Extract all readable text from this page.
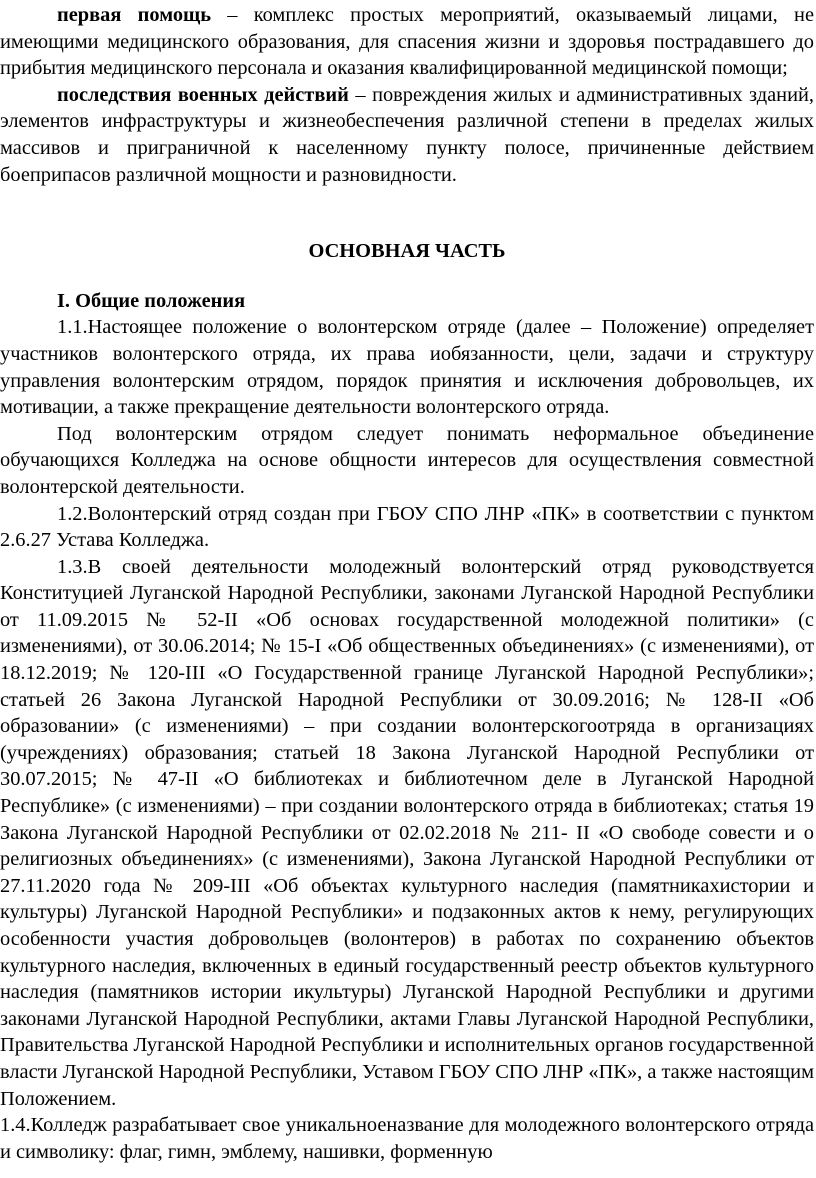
первая помощь – комплекс простых мероприятий, оказываемый лицами, не имеющими медицинского образования, для спасения жизни и здоровья пострадавшего до прибытия медицинского персонала и оказания квалифицированной медицинской помощи;

последствия военных действий – повреждения жилых и административных зданий, элементов инфраструктуры и жизнеобеспечения различной степени в пределах жилых массивов и приграничной к населенному пункту полосе, причиненные действием боеприпасов различной мощности и разновидности.

ОСНОВНАЯ ЧАСТЬ

I. Общие положения

1.1.Настоящее положение о волонтерском отряде (далее – Положение) определяет участников волонтерского отряда, их права иобязанности, цели, задачи и структуру управления волонтерским отрядом, порядок принятия и исключения добровольцев, их мотивации, а также прекращение деятельности волонтерского отряда.

Под волонтерским отрядом следует понимать неформальное объединение обучающихся Колледжа на основе общности интересов для осуществления совместной волонтерской деятельности.

1.2.Волонтерский отряд создан при ГБОУ СПО ЛНР «ПК» в соответствии с пунктом 2.6.27 Устава Колледжа.

1.3.В своей деятельности молодежный волонтерский отряд руководствуется Конституцией Луганской Народной Республики, законами Луганской Народной Республики от 11.09.2015 № 52-II «Об основах государственной молодежной политики» (с изменениями), от 30.06.2014; № 15-I «Об общественных объединениях» (с изменениями), от 18.12.2019; № 120-III «О Государственной границе Луганской Народной Республики»; статьей 26 Закона Луганской Народной Республики от 30.09.2016; № 128-II «Об образовании» (с изменениями) – при создании волонтерскогоотряда в организациях (учреждениях) образования; статьей 18 Закона Луганской Народной Республики от 30.07.2015; № 47-II «О библиотеках и библиотечном деле в Луганской Народной Республике» (с изменениями) – при создании волонтерского отряда в библиотеках; статья 19 Закона Луганской Народной Республики от 02.02.2018 № 211- II «О свободе совести и о религиозных объединениях» (с изменениями), Закона Луганской Народной Республики от 27.11.2020 года № 209-III «Об объектах культурного наследия (памятникахистории и культуры) Луганской Народной Республики» и подзаконных актов к нему, регулирующих особенности участия добровольцев (волонтеров) в работах по сохранению объектов культурного наследия, включенных в единый государственный реестр объектов культурного наследия (памятников истории икультуры) Луганской Народной Республики и другими законами Луганской Народной Республики, актами Главы Луганской Народной Республики, Правительства Луганской Народной Республики и исполнительных органов государственной власти Луганской Народной Республики, Уставом ГБОУ СПО ЛНР «ПК», а также настоящим Положением.

1.4.Колледж разрабатывает свое уникальноеназвание для молодежного волонтерского отряда и символику: флаг, гимн, эмблему, нашивки, форменную
